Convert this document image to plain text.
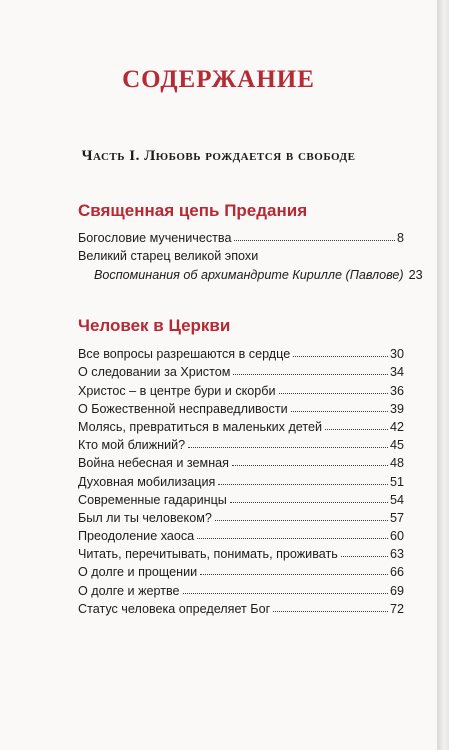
СОДЕРЖАНИЕ
Часть I. Любовь рождается в свободе
Священная цепь Предания
Богословие мученичества	8
Великий старец великой эпохи
Воспоминания об архимандрите Кирилле (Павлове) 23
Человек в Церкви
Все вопросы разрешаются в сердце	30
О следовании за Христом	34
Христос – в центре бури и скорби	36
О Божественной несправедливости	39
Молясь, превратиться в маленьких детей	42
Кто мой ближний?	45
Война небесная и земная	48
Духовная мобилизация	51
Современные гадаринцы	54
Был ли ты человеком?	57
Преодоление хаоса	60
Читать, перечитывать, понимать, проживать	63
О долге и прощении	66
О долге и жертве	69
Статус человека определяет Бог	72
